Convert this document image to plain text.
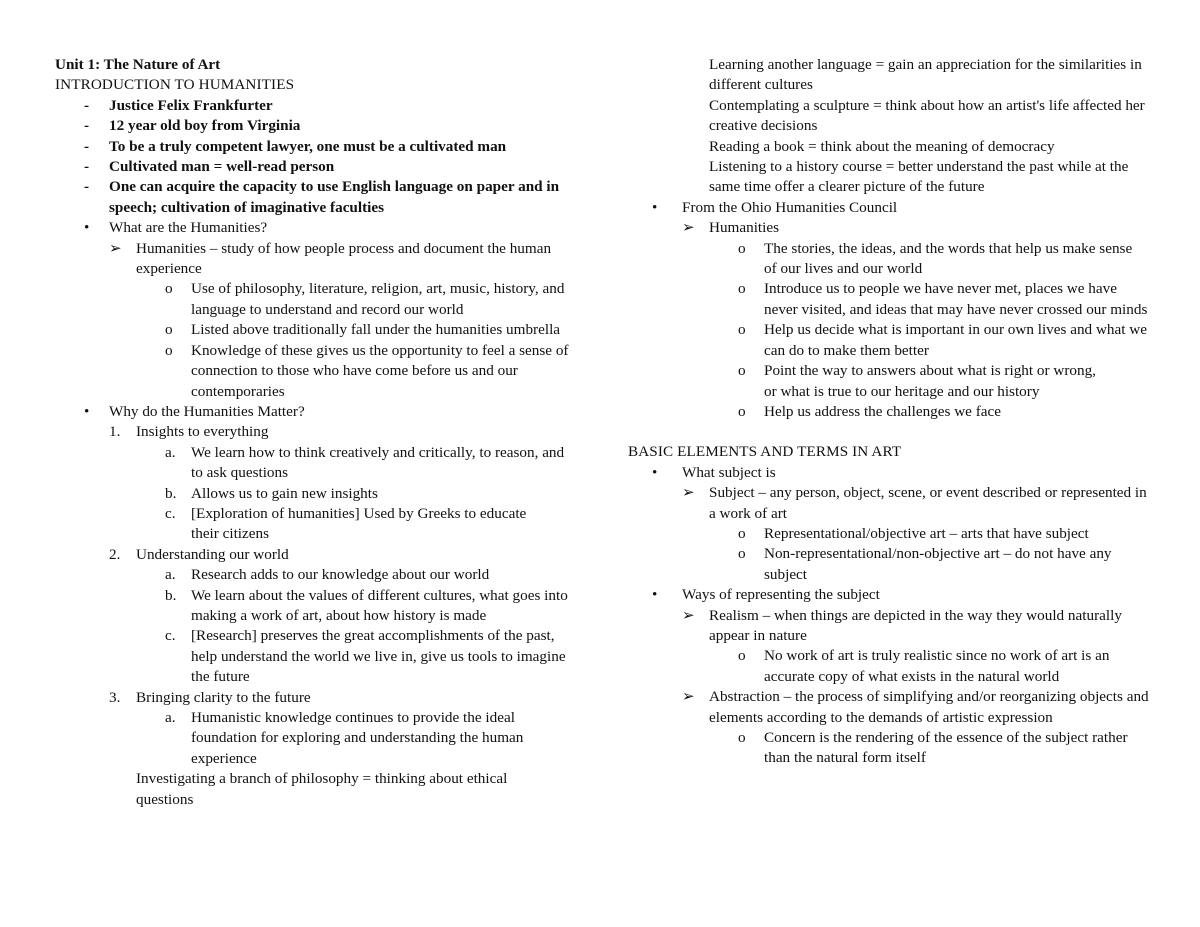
Unit 1: The Nature of Art
INTRODUCTION TO HUMANITIES
- Justice Felix Frankfurter
- 12 year old boy from Virginia
- To be a truly competent lawyer, one must be a cultivated man
- Cultivated man = well-read person
- One can acquire the capacity to use English language on paper and in speech; cultivation of imaginative faculties
• What are the Humanities?
➢ Humanities – study of how people process and document the human experience
o Use of philosophy, literature, religion, art, music, history, and language to understand and record our world
o Listed above traditionally fall under the humanities umbrella
o Knowledge of these gives us the opportunity to feel a sense of connection to those who have come before us and our contemporaries
• Why do the Humanities Matter?
1. Insights to everything
a. We learn how to think creatively and critically, to reason, and to ask questions
b. Allows us to gain new insights
c. [Exploration of humanities] Used by Greeks to educate their citizens
2. Understanding our world
a. Research adds to our knowledge about our world
b. We learn about the values of different cultures, what goes into making a work of art, about how history is made
c. [Research] preserves the great accomplishments of the past, help understand the world we live in, give us tools to imagine the future
3. Bringing clarity to the future
a. Humanistic knowledge continues to provide the ideal foundation for exploring and understanding the human experience
Investigating a branch of philosophy = thinking about ethical questions
Learning another language = gain an appreciation for the similarities in different cultures
Contemplating a sculpture = think about how an artist's life affected her creative decisions
Reading a book = think about the meaning of democracy
Listening to a history course = better understand the past while at the same time offer a clearer picture of the future
• From the Ohio Humanities Council
➢ Humanities
o The stories, the ideas, and the words that help us make sense of our lives and our world
o Introduce us to people we have never met, places we have never visited, and ideas that may have never crossed our minds
o Help us decide what is important in our own lives and what we can do to make them better
o Point the way to answers about what is right or wrong, or what is true to our heritage and our history
o Help us address the challenges we face
BASIC ELEMENTS AND TERMS IN ART
• What subject is
➢ Subject – any person, object, scene, or event described or represented in a work of art
o Representational/objective art – arts that have subject
o Non-representational/non-objective art – do not have any subject
• Ways of representing the subject
➢ Realism – when things are depicted in the way they would naturally appear in nature
o No work of art is truly realistic since no work of art is an accurate copy of what exists in the natural world
➢ Abstraction – the process of simplifying and/or reorganizing objects and elements according to the demands of artistic expression
o Concern is the rendering of the essence of the subject rather than the natural form itself
